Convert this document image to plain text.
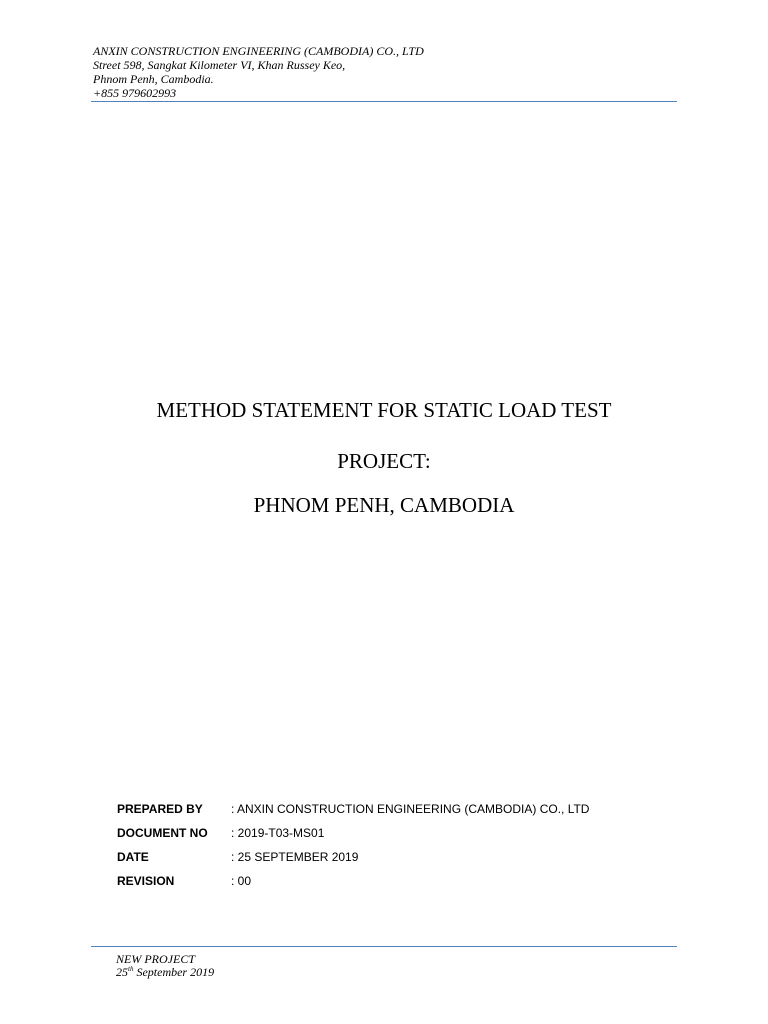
ANXIN CONSTRUCTION ENGINEERING (CAMBODIA) CO., LTD
Street 598, Sangkat Kilometer VI, Khan Russey Keo,
Phnom Penh, Cambodia.
+855 979602993
METHOD STATEMENT FOR STATIC LOAD TEST
PROJECT:
PHNOM PENH, CAMBODIA
PREPARED BY	: ANXIN CONSTRUCTION ENGINEERING (CAMBODIA) CO., LTD
DOCUMENT NO	: 2019-T03-MS01
DATE	: 25 SEPTEMBER 2019
REVISION	: 00
NEW PROJECT
25th September 2019
